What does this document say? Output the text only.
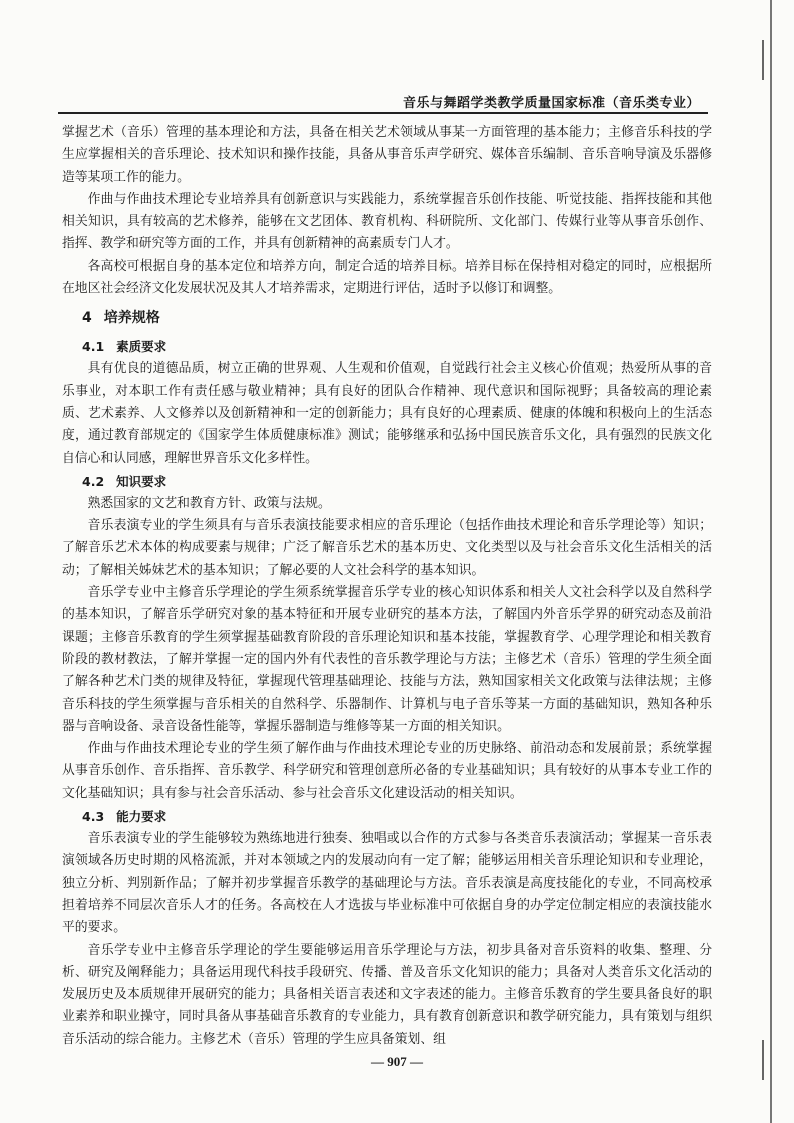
音乐与舞蹈学类教学质量国家标准（音乐类专业）

掌握艺术（音乐）管理的基本理论和方法，具备在相关艺术领域从事某一方面管理的基本能力；主修音乐科技的学生应掌握相关的音乐理论、技术知识和操作技能，具备从事音乐声学研究、媒体音乐编制、音乐音响导演及乐器修造等某项工作的能力。

作曲与作曲技术理论专业培养具有创新意识与实践能力，系统掌握音乐创作技能、听觉技能、指挥技能和其他相关知识，具有较高的艺术修养，能够在文艺团体、教育机构、科研院所、文化部门、传媒行业等从事音乐创作、指挥、教学和研究等方面的工作，并具有创新精神的高素质专门人才。

各高校可根据自身的基本定位和培养方向，制定合适的培养目标。培养目标在保持相对稳定的同时，应根据所在地区社会经济文化发展状况及其人才培养需求，定期进行评估，适时予以修订和调整。

4 培养规格
4.1 素质要求

具有优良的道德品质，树立正确的世界观、人生观和价值观，自觉践行社会主义核心价值观；热爱所从事的音乐事业，对本职工作有责任感与敬业精神；具有良好的团队合作精神、现代意识和国际视野；具备较高的理论素质、艺术素养、人文修养以及创新精神和一定的创新能力；具有良好的心理素质、健康的体魄和积极向上的生活态度，通过教育部规定的《国家学生体质健康标准》测试；能够继承和弘扬中国民族音乐文化，具有强烈的民族文化自信心和认同感，理解世界音乐文化多样性。

4.2 知识要求

熟悉国家的文艺和教育方针、政策与法规。

音乐表演专业的学生须具有与音乐表演技能要求相应的音乐理论（包括作曲技术理论和音乐学理论等）知识；了解音乐艺术本体的构成要素与规律；广泛了解音乐艺术的基本历史、文化类型以及与社会音乐文化生活相关的活动；了解相关姊妹艺术的基本知识；了解必要的人文社会科学的基本知识。

音乐学专业中主修音乐学理论的学生须系统掌握音乐学专业的核心知识体系和相关人文社会科学以及自然科学的基本知识，了解音乐学研究对象的基本特征和开展专业研究的基本方法，了解国内外音乐学界的研究动态及前沿课题；主修音乐教育的学生须掌握基础教育阶段的音乐理论知识和基本技能，掌握教育学、心理学理论和相关教育阶段的教材教法，了解并掌握一定的国内外有代表性的音乐教学理论与方法；主修艺术（音乐）管理的学生须全面了解各种艺术门类的规律及特征，掌握现代管理基础理论、技能与方法，熟知国家相关文化政策与法律法规；主修音乐科技的学生须掌握与音乐相关的自然科学、乐器制作、计算机与电子音乐等某一方面的基础知识，熟知各种乐器与音响设备、录音设备性能等，掌握乐器制造与维修等某一方面的相关知识。

作曲与作曲技术理论专业的学生须了解作曲与作曲技术理论专业的历史脉络、前沿动态和发展前景；系统掌握从事音乐创作、音乐指挥、音乐教学、科学研究和管理创意所必备的专业基础知识；具有较好的从事本专业工作的文化基础知识；具有参与社会音乐活动、参与社会音乐文化建设活动的相关知识。

4.3 能力要求

音乐表演专业的学生能够较为熟练地进行独奏、独唱或以合作的方式参与各类音乐表演活动；掌握某一音乐表演领域各历史时期的风格流派，并对本领域之内的发展动向有一定了解；能够运用相关音乐理论知识和专业理论，独立分析、判别新作品；了解并初步掌握音乐教学的基础理论与方法。音乐表演是高度技能化的专业，不同高校承担着培养不同层次音乐人才的任务。各高校在人才选拔与毕业标准中可依据自身的办学定位制定相应的表演技能水平的要求。

音乐学专业中主修音乐学理论的学生要能够运用音乐学理论与方法，初步具备对音乐资料的收集、整理、分析、研究及阐释能力；具备运用现代科技手段研究、传播、普及音乐文化知识的能力；具备对人类音乐文化活动的发展历史及本质规律开展研究的能力；具备相关语言表述和文字表述的能力。主修音乐教育的学生要具备良好的职业素养和职业操守，同时具备从事基础音乐教育的专业能力，具有教育创新意识和教学研究能力，具有策划与组织音乐活动的综合能力。主修艺术（音乐）管理的学生应具备策划、组

— 907 —
